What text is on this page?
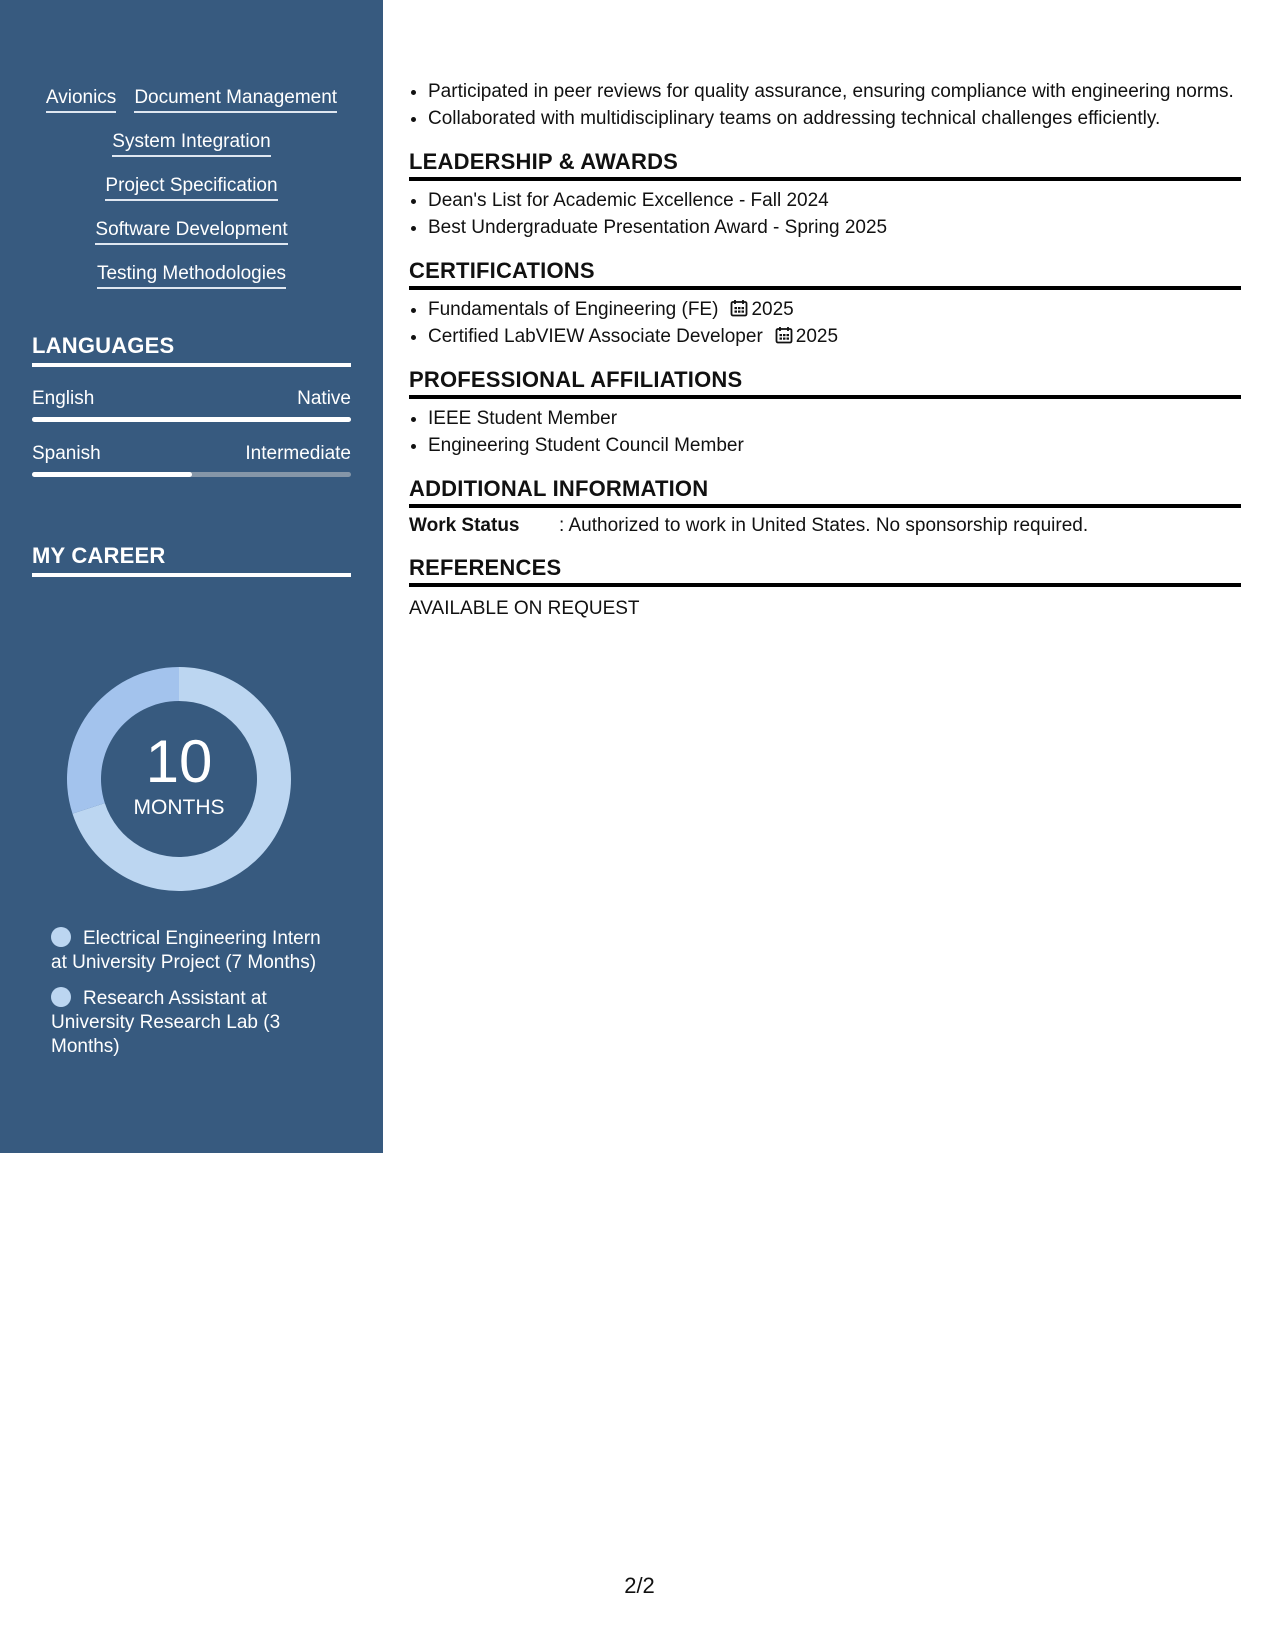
Avionics Document Management
System Integration
Project Specification
Software Development
Testing Methodologies
LANGUAGES
English	Native
Spanish	Intermediate
MY CAREER
10
MONTHS
Electrical Engineering Intern at University Project (7 Months)
Research Assistant at University Research Lab (3 Months)
• Participated in peer reviews for quality assurance, ensuring compliance with engineering norms.
• Collaborated with multidisciplinary teams on addressing technical challenges efficiently.
LEADERSHIP & AWARDS
• Dean's List for Academic Excellence - Fall 2024
• Best Undergraduate Presentation Award - Spring 2025
CERTIFICATIONS
• Fundamentals of Engineering (FE) 2025
• Certified LabVIEW Associate Developer 2025
PROFESSIONAL AFFILIATIONS
• IEEE Student Member
• Engineering Student Council Member
ADDITIONAL INFORMATION
Work Status	: Authorized to work in United States. No sponsorship required.
REFERENCES
AVAILABLE ON REQUEST
2/2
